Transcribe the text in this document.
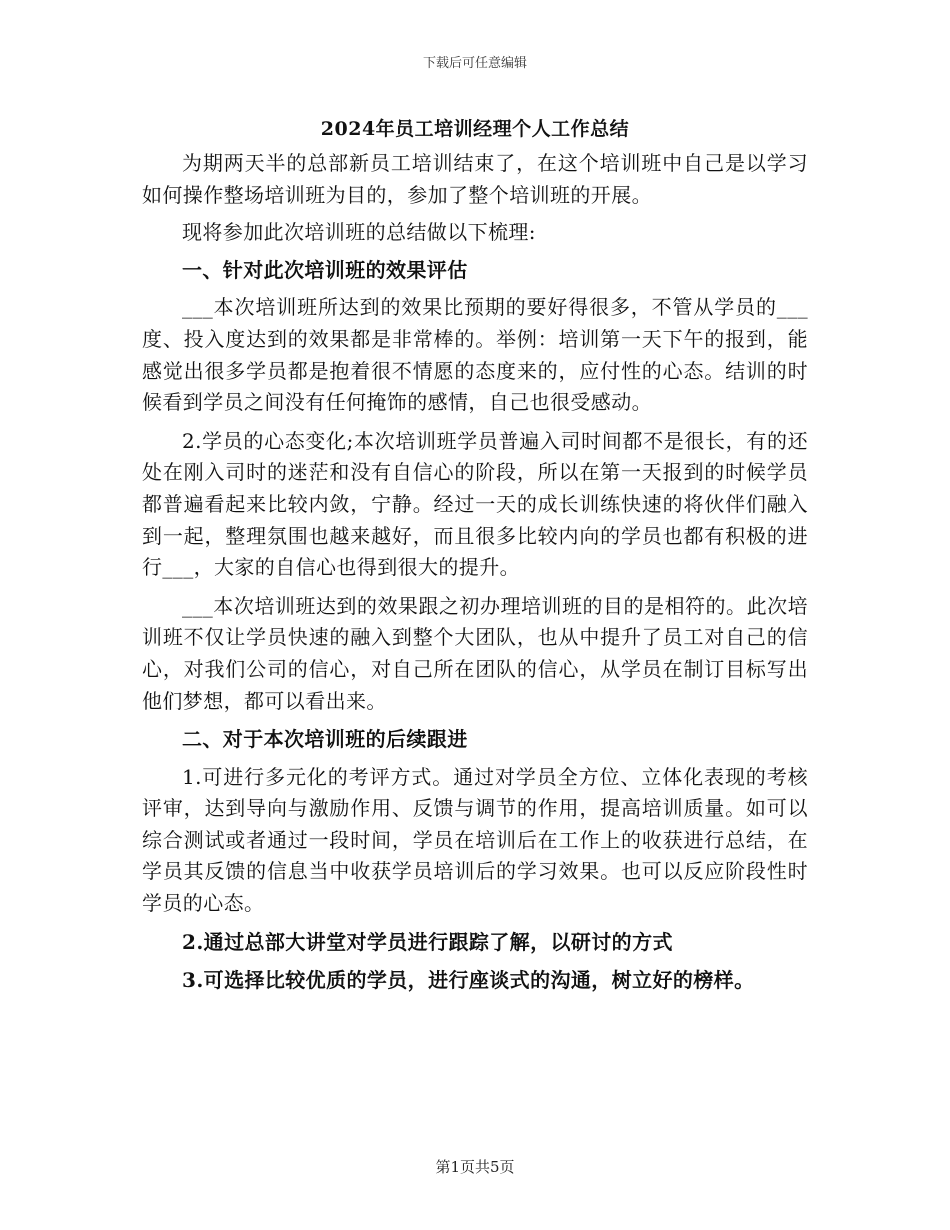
下载后可任意编辑
2024年员工培训经理个人工作总结

为期两天半的总部新员工培训结束了，在这个培训班中自己是以学习如何操作整场培训班为目的，参加了整个培训班的开展。

现将参加此次培训班的总结做以下梳理:

一、针对此次培训班的效果评估

___本次培训班所达到的效果比预期的要好得很多，不管从学员的___度、投入度达到的效果都是非常棒的。举例：培训第一天下午的报到，能感觉出很多学员都是抱着很不情愿的态度来的，应付性的心态。结训的时候看到学员之间没有任何掩饰的感情，自己也很受感动。

2.学员的心态变化;本次培训班学员普遍入司时间都不是很长，有的还处在刚入司时的迷茫和没有自信心的阶段，所以在第一天报到的时候学员都普遍看起来比较内敛，宁静。经过一天的成长训练快速的将伙伴们融入到一起，整理氛围也越来越好，而且很多比较内向的学员也都有积极的进行___，大家的自信心也得到很大的提升。

___本次培训班达到的效果跟之初办理培训班的目的是相符的。此次培训班不仅让学员快速的融入到整个大团队，也从中提升了员工对自己的信心，对我们公司的信心，对自己所在团队的信心，从学员在制订目标写出他们梦想，都可以看出来。

二、对于本次培训班的后续跟进

1.可进行多元化的考评方式。通过对学员全方位、立体化表现的考核评审，达到导向与激励作用、反馈与调节的作用，提高培训质量。如可以综合测试或者通过一段时间，学员在培训后在工作上的收获进行总结，在学员其反馈的信息当中收获学员培训后的学习效果。也可以反应阶段性时学员的心态。

2.通过总部大讲堂对学员进行跟踪了解，以研讨的方式

3.可选择比较优质的学员，进行座谈式的沟通，树立好的榜样。

第1页共5页
